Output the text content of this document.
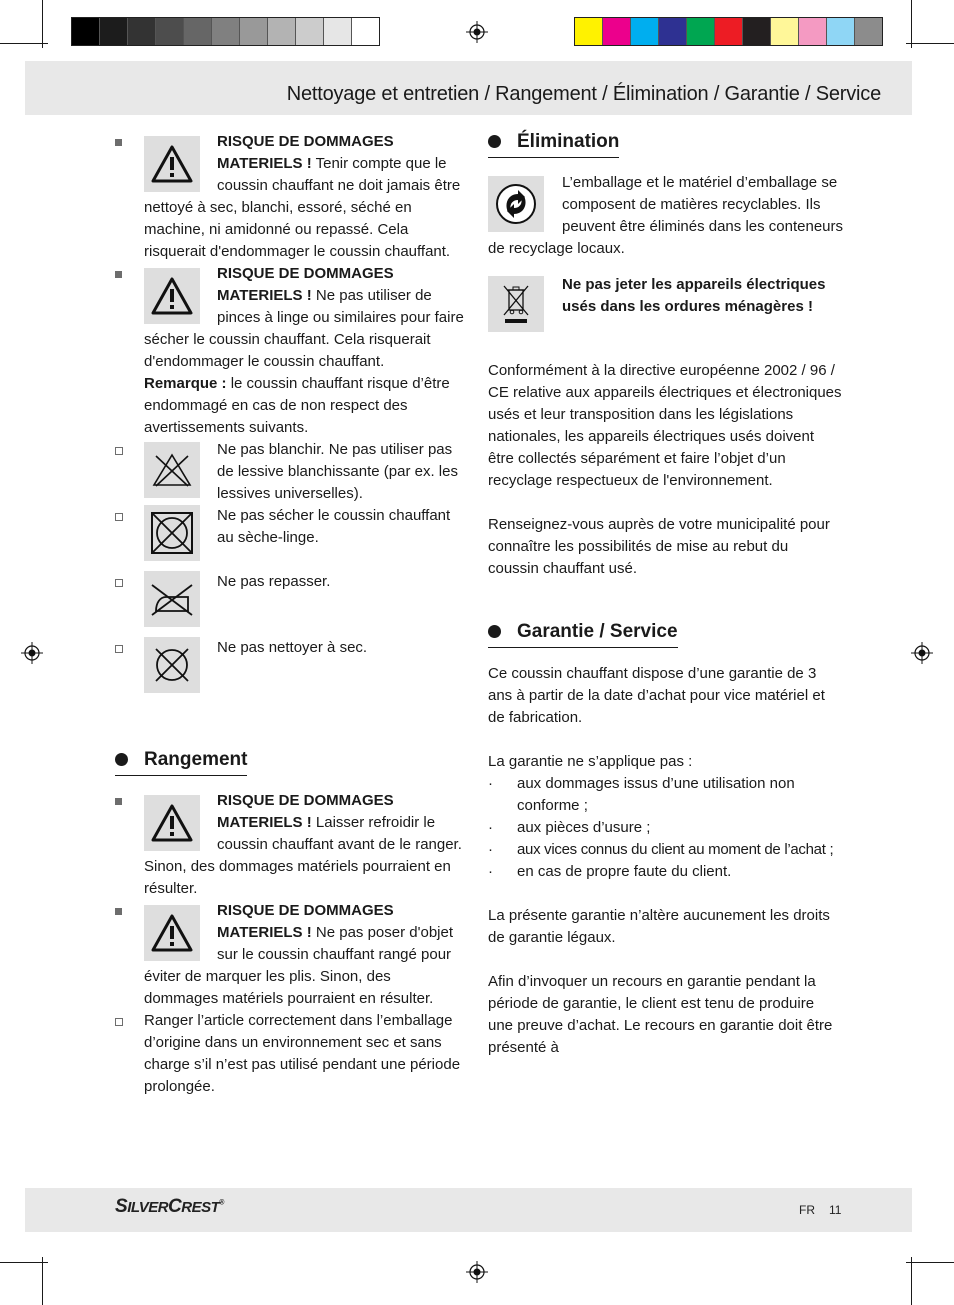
Nettoyage et entretien / Rangement / Élimination / Garantie / Service
RISQUE DE DOMMAGES MATERIELS ! Tenir compte que le coussin chauffant ne doit jamais être nettoyé à sec, blanchi, essoré, séché en machine, ni amidonné ou repassé. Cela risquerait d'endommager le coussin chauffant.
RISQUE DE DOMMAGES MATERIELS ! Ne pas utiliser de pinces à linge ou similaires pour faire sécher le coussin chauffant. Cela risquerait d'endommager le coussin chauffant.
Remarque : le coussin chauffant risque d’être endommagé en cas de non respect des avertissements suivants.
Ne pas blanchir. Ne pas utiliser pas de lessive blanchissante (par ex. les lessives universelles).
Ne pas sécher le coussin chauffant au sèche-linge.
Ne pas repasser.
Ne pas nettoyer à sec.
Rangement
RISQUE DE DOMMAGES MATERIELS ! Laisser refroidir le coussin chauffant avant de le ranger. Sinon, des dommages matériels pourraient en résulter.
RISQUE DE DOMMAGES MATERIELS ! Ne pas poser d'objet sur le coussin chauffant rangé pour éviter de marquer les plis. Sinon, des dommages matériels pourraient en résulter.
Ranger l’article correctement dans l’emballage d’origine dans un environnement sec et sans charge s’il n’est pas utilisé pendant une période prolongée.
Élimination
L’emballage et le matériel d’emballage se composent de matières recyclables. Ils peuvent être éliminés dans les conteneurs de recyclage locaux.
Ne pas jeter les appareils électriques usés dans les ordures ménagères !

Conformément à la directive européenne 2002 / 96 / CE relative aux appareils électriques et électroniques usés et leur transposition dans les législations nationales, les appareils électriques usés doivent être collectés séparément et faire l’objet d’un recyclage respectueux de l'environnement.

Renseignez-vous auprès de votre municipalité pour connaître les possibilités de mise au rebut du coussin chauffant usé.

Garantie / Service

Ce coussin chauffant dispose d’une garantie de 3 ans à partir de la date d’achat pour vice matériel et de fabrication.

La garantie ne s’applique pas :

· aux dommages issus d’une utilisation non conforme ;
· aux pièces d’usure ;
· aux vices connus du client au moment de l’achat ;
· en cas de propre faute du client.

La présente garantie n’altère aucunement les droits de garantie légaux.

Afin d’invoquer un recours en garantie pendant la période de garantie, le client est tenu de produire une preuve d’achat. Le recours en garantie doit être présenté à

SILVERCREST®	FR 11
